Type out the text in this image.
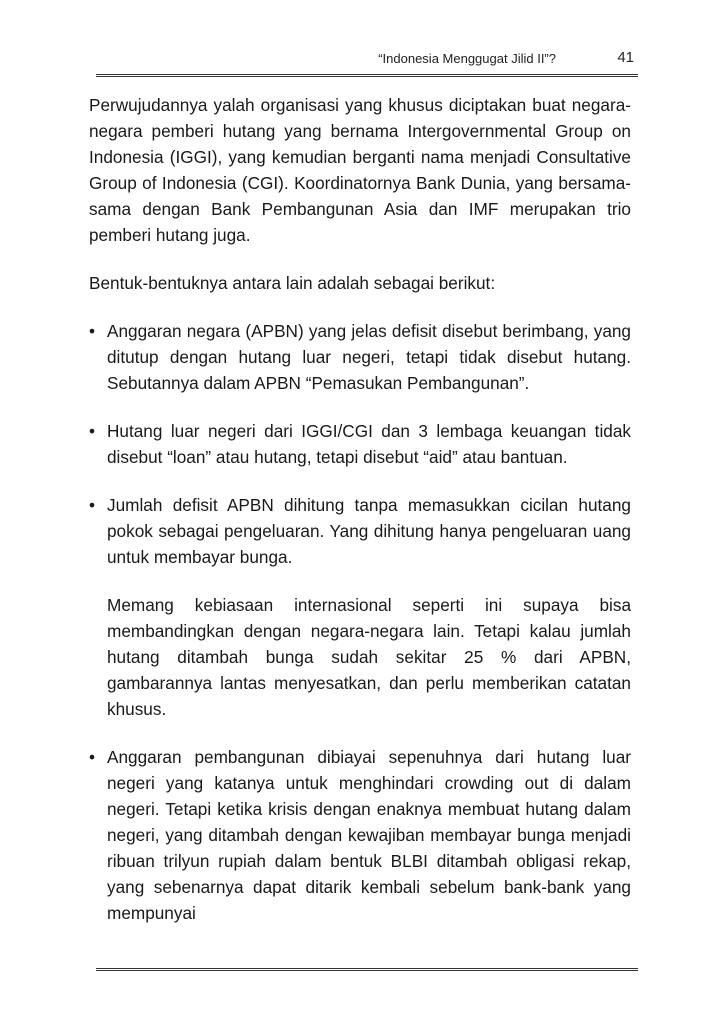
“Indonesia Menggugat Jilid II”?	41

Perwujudannya yalah organisasi yang khusus diciptakan buat negara-negara pemberi hutang yang bernama Intergovernmental Group on Indonesia (IGGI), yang kemudian berganti nama menjadi Consultative Group of Indonesia (CGI). Koordinatornya Bank Dunia, yang bersama-sama dengan Bank Pembangunan Asia dan IMF merupakan trio pemberi hutang juga.

Bentuk-bentuknya antara lain adalah sebagai berikut:

• Anggaran negara (APBN) yang jelas defisit disebut berimbang, yang ditutup dengan hutang luar negeri, tetapi tidak disebut hutang. Sebutannya dalam APBN “Pemasukan Pembangunan”.

• Hutang luar negeri dari IGGI/CGI dan 3 lembaga keuangan tidak disebut “loan” atau hutang, tetapi disebut “aid” atau bantuan.

• Jumlah defisit APBN dihitung tanpa memasukkan cicilan hutang pokok sebagai pengeluaran. Yang dihitung hanya pengeluaran uang untuk membayar bunga.

Memang kebiasaan internasional seperti ini supaya bisa membandingkan dengan negara-negara lain. Tetapi kalau jumlah hutang ditambah bunga sudah sekitar 25 % dari APBN, gambarannya lantas menyesatkan, dan perlu memberikan catatan khusus.

• Anggaran pembangunan dibiayai sepenuhnya dari hutang luar negeri yang katanya untuk menghindari crowding out di dalam negeri. Tetapi ketika krisis dengan enaknya membuat hutang dalam negeri, yang ditambah dengan kewajiban membayar bunga menjadi ribuan trilyun rupiah dalam bentuk BLBI ditambah obligasi rekap, yang sebenarnya dapat ditarik kembali sebelum bank-bank yang mempunyai
